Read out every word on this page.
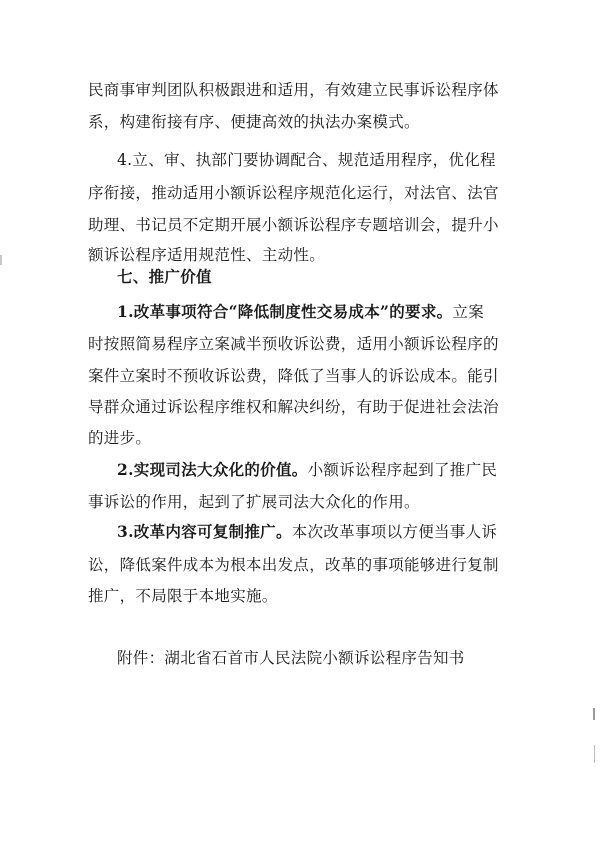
民商事审判团队积极跟进和适用，有效建立民事诉讼程序体
系，构建衔接有序、便捷高效的执法办案模式。
4.立、审、执部门要协调配合、规范适用程序，优化程
序衔接，推动适用小额诉讼程序规范化运行，对法官、法官
助理、书记员不定期开展小额诉讼程序专题培训会，提升小
额诉讼程序适用规范性、主动性。
七、推广价值
1.改革事项符合“降低制度性交易成本”的要求。立案
时按照简易程序立案减半预收诉讼费，适用小额诉讼程序的
案件立案时不预收诉讼费，降低了当事人的诉讼成本。能引
导群众通过诉讼程序维权和解决纠纷，有助于促进社会法治
的进步。
2.实现司法大众化的价值。小额诉讼程序起到了推广民
事诉讼的作用，起到了扩展司法大众化的作用。
3.改革内容可复制推广。本次改革事项以方便当事人诉
讼，降低案件成本为根本出发点，改革的事项能够进行复制
推广，不局限于本地实施。
附件：湖北省石首市人民法院小额诉讼程序告知书
